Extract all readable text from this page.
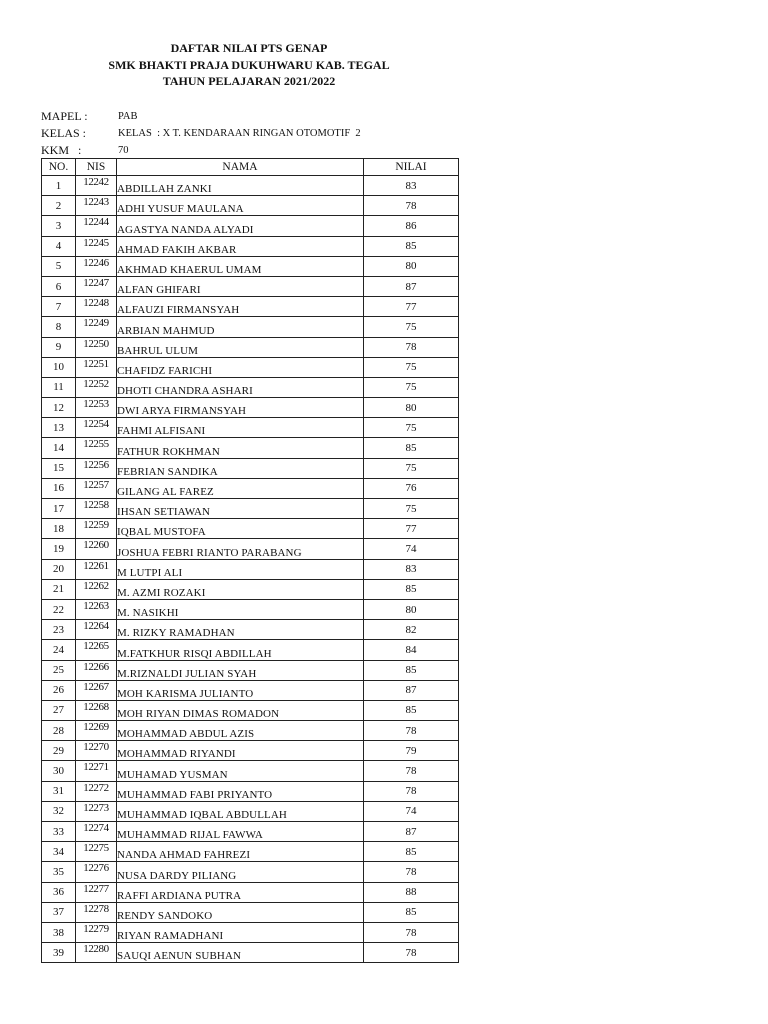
DAFTAR NILAI PTS GENAP
SMK BHAKTI PRAJA DUKUHWARU KAB. TEGAL
TAHUN PELAJARAN 2021/2022
MAPEL :	PAB
KELAS :	KELAS  : X T. KENDARAAN RINGAN OTOMOTIF  2
KKM   :	70
NO.	NIS	NAMA	NILAI
1	12242	ABDILLAH ZANKI	83
2	12243	ADHI YUSUF MAULANA	78
3	12244	AGASTYA NANDA ALYADI	86
4	12245	AHMAD FAKIH AKBAR	85
5	12246	AKHMAD KHAERUL UMAM	80
6	12247	ALFAN GHIFARI	87
7	12248	ALFAUZI FIRMANSYAH	77
8	12249	ARBIAN MAHMUD	75
9	12250	BAHRUL ULUM	78
10	12251	CHAFIDZ FARICHI	75
11	12252	DHOTI CHANDRA ASHARI	75
12	12253	DWI ARYA FIRMANSYAH	80
13	12254	FAHMI ALFISANI	75
14	12255	FATHUR ROKHMAN	85
15	12256	FEBRIAN SANDIKA	75
16	12257	GILANG AL FAREZ	76
17	12258	IHSAN SETIAWAN	75
18	12259	IQBAL MUSTOFA	77
19	12260	JOSHUA FEBRI RIANTO PARABANG	74
20	12261	M LUTPI ALI	83
21	12262	M. AZMI ROZAKI	85
22	12263	M. NASIKHI	80
23	12264	M. RIZKY RAMADHAN	82
24	12265	M.FATKHUR RISQI ABDILLAH	84
25	12266	M.RIZNALDI JULIAN SYAH	85
26	12267	MOH KARISMA JULIANTO	87
27	12268	MOH RIYAN DIMAS ROMADON	85
28	12269	MOHAMMAD ABDUL AZIS	78
29	12270	MOHAMMAD RIYANDI	79
30	12271	MUHAMAD YUSMAN	78
31	12272	MUHAMMAD FABI PRIYANTO	78
32	12273	MUHAMMAD IQBAL ABDULLAH	74
33	12274	MUHAMMAD RIJAL FAWWA	87
34	12275	NANDA AHMAD FAHREZI	85
35	12276	NUSA DARDY PILIANG	78
36	12277	RAFFI ARDIANA PUTRA	88
37	12278	RENDY SANDOKO	85
38	12279	RIYAN RAMADHANI	78
39	12280	SAUQI AENUN SUBHAN	78
